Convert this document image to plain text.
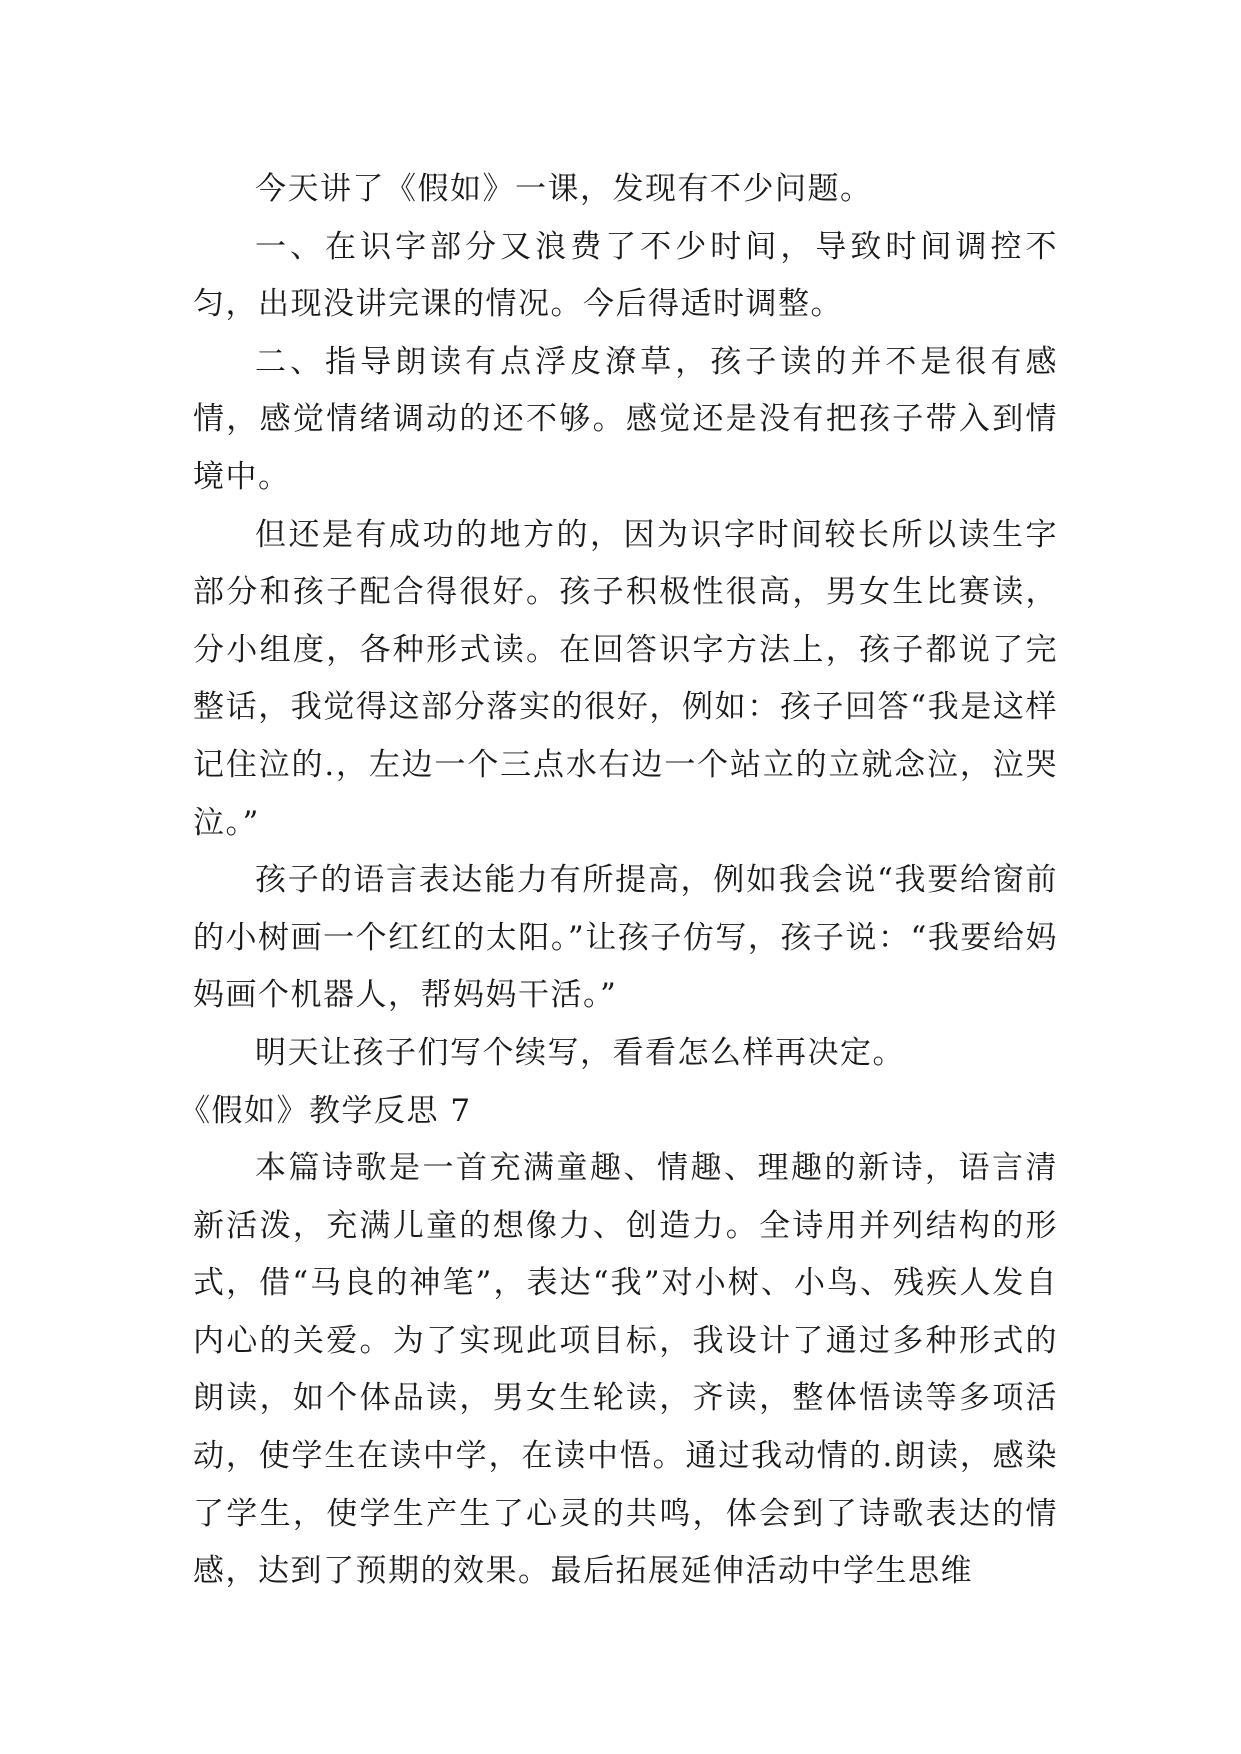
今天讲了《假如》一课，发现有不少问题。

一、在识字部分又浪费了不少时间，导致时间调控不匀，出现没讲完课的情况。今后得适时调整。

二、指导朗读有点浮皮潦草，孩子读的并不是很有感情，感觉情绪调动的还不够。感觉还是没有把孩子带入到情境中。

但还是有成功的地方的，因为识字时间较长所以读生字部分和孩子配合得很好。孩子积极性很高，男女生比赛读，分小组度，各种形式读。在回答识字方法上，孩子都说了完整话，我觉得这部分落实的很好，例如：孩子回答“我是这样记住泣的.，左边一个三点水右边一个站立的立就念泣，泣哭泣。”

孩子的语言表达能力有所提高，例如我会说“我要给窗前的小树画一个红红的太阳。”让孩子仿写，孩子说：“我要给妈妈画个机器人，帮妈妈干活。”

明天让孩子们写个续写，看看怎么样再决定。

《假如》教学反思 7

本篇诗歌是一首充满童趣、情趣、理趣的新诗，语言清新活泼，充满儿童的想像力、创造力。全诗用并列结构的形式，借“马良的神笔”，表达“我”对小树、小鸟、残疾人发自内心的关爱。为了实现此项目标，我设计了通过多种形式的朗读，如个体品读，男女生轮读，齐读，整体悟读等多项活动，使学生在读中学，在读中悟。通过我动情的.朗读，感染了学生，使学生产生了心灵的共鸣，体会到了诗歌表达的情感，达到了预期的效果。最后拓展延伸活动中学生思维
